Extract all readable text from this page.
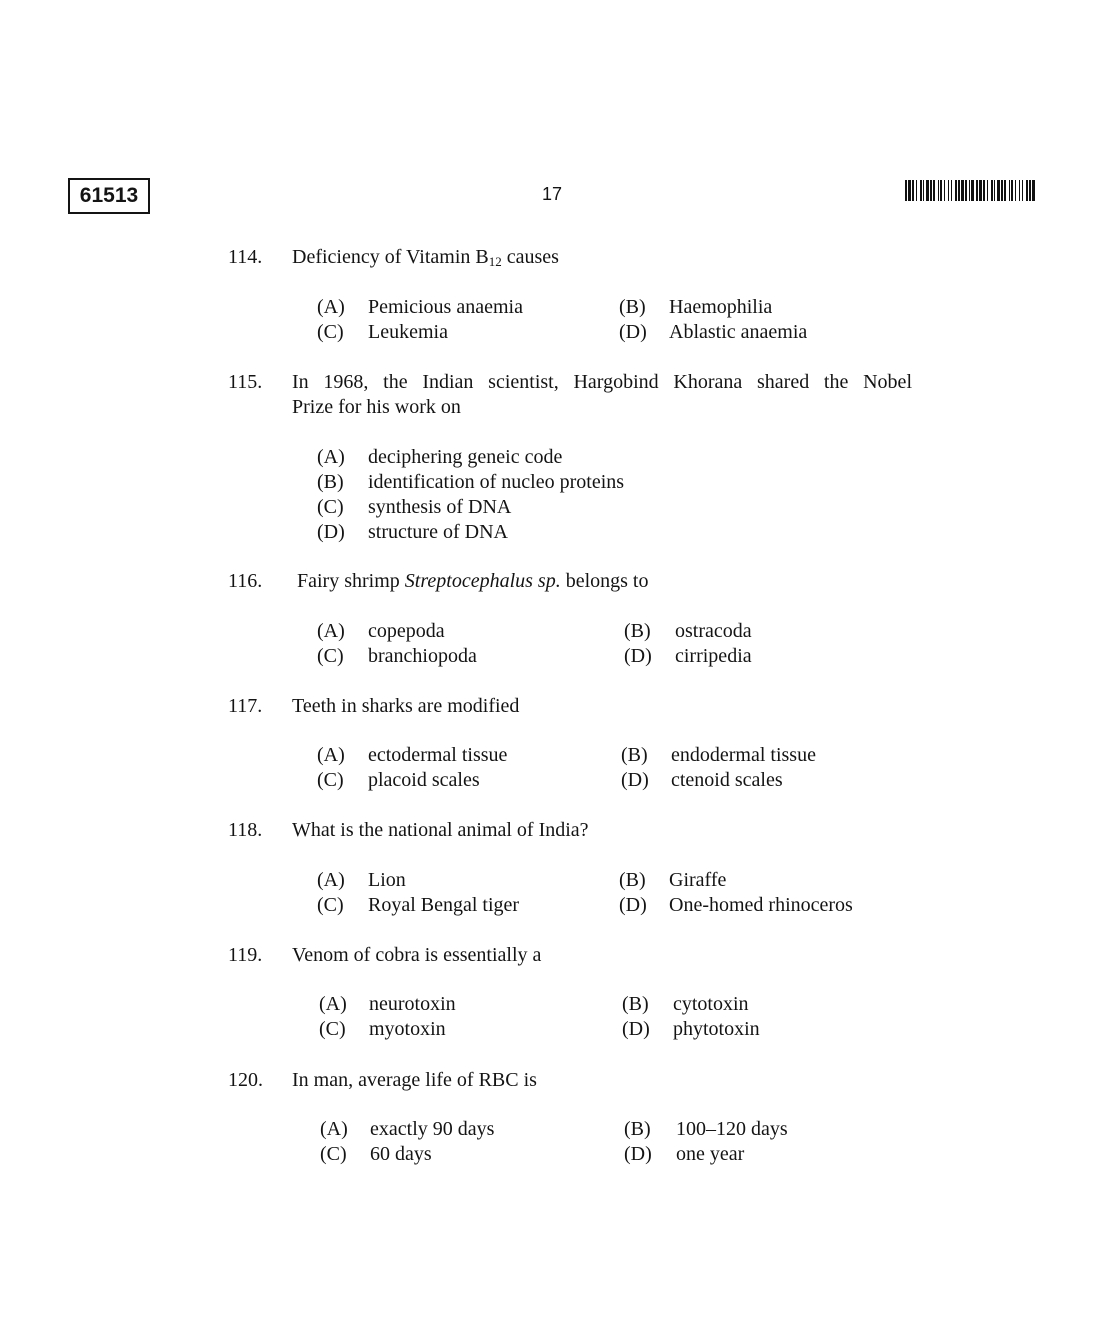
61513	17
114. Deficiency of Vitamin $B_{12}$ causes
(A) Pemicious anaemia	(B) Haemophilia
(C) Leukemia	(D) Ablastic anaemia
115. In 1968, the Indian scientist, Hargobind Khorana shared the Nobel
Prize for his work on
(A) deciphering geneic code
(B) identification of nucleo proteins
(C) synthesis of DNA
(D) structure of DNA
116. Fairy shrimp Streptocephalus sp. belongs to
(A) copepoda	(B) ostracoda
(C) branchiopoda	(D) cirripedia
117. Teeth in sharks are modified
(A) ectodermal tissue	(B) endodermal tissue
(C) placoid scales	(D) ctenoid scales
118. What is the national animal of India?
(A) Lion	(B) Giraffe
(C) Royal Bengal tiger	(D) One-homed rhinoceros
119. Venom of cobra is essentially a
(A) neurotoxin	(B) cytotoxin
(C) myotoxin	(D) phytotoxin
120. In man, average life of RBC is
(A) exactly 90 days	(B) 100–120 days
(C) 60 days	(D) one year
